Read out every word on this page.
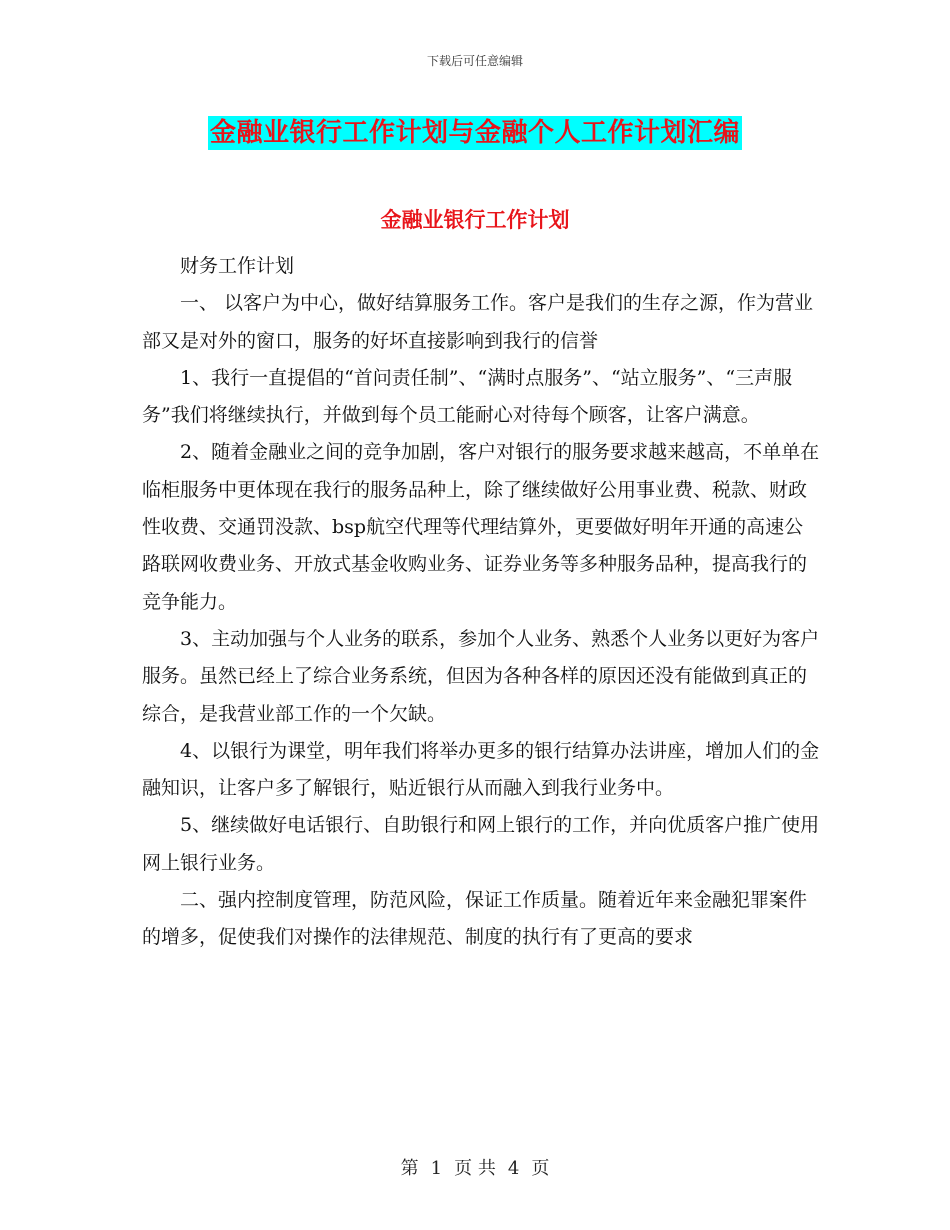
下载后可任意编辑
金融业银行工作计划与金融个人工作计划汇编
金融业银行工作计划

财务工作计划

一、 以客户为中心，做好结算服务工作。客户是我们的生存之源，作为营业部又是对外的窗口，服务的好坏直接影响到我行的信誉

1、我行一直提倡的“首问责任制”、“满时点服务”、“站立服务”、“三声服务”我们将继续执行，并做到每个员工能耐心对待每个顾客，让客户满意。

2、随着金融业之间的竞争加剧，客户对银行的服务要求越来越高，不单单在临柜服务中更体现在我行的服务品种上，除了继续做好公用事业费、税款、财政性收费、交通罚没款、bsp航空代理等代理结算外，更要做好明年开通的高速公路联网收费业务、开放式基金收购业务、证券业务等多种服务品种，提高我行的竞争能力。

3、主动加强与个人业务的联系，参加个人业务、熟悉个人业务以更好为客户服务。虽然已经上了综合业务系统，但因为各种各样的原因还没有能做到真正的综合，是我营业部工作的一个欠缺。

4、以银行为课堂，明年我们将举办更多的银行结算办法讲座，增加人们的金融知识，让客户多了解银行，贴近银行从而融入到我行业务中。

5、继续做好电话银行、自助银行和网上银行的工作，并向优质客户推广使用网上银行业务。

二、强内控制度管理，防范风险，保证工作质量。随着近年来金融犯罪案件的增多，促使我们对操作的法律规范、制度的执行有了更高的要求

第 1 页 共 4 页
